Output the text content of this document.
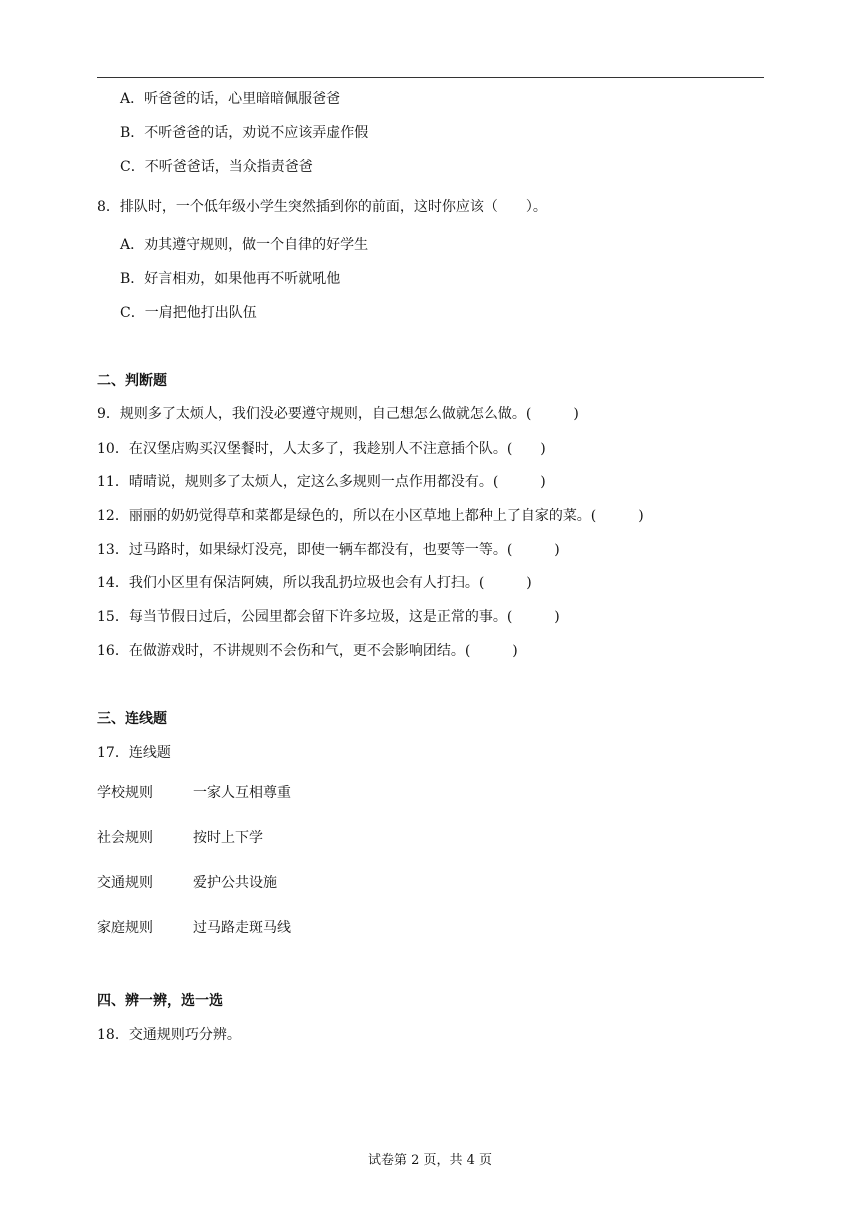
A．听爸爸的话，心里暗暗佩服爸爸
B．不听爸爸的话，劝说不应该弄虚作假
C．不听爸爸话，当众指责爸爸
8．排队时，一个低年级小学生突然插到你的前面，这时你应该（　　）。
A．劝其遵守规则，做一个自律的好学生
B．好言相劝，如果他再不听就吼他
C．一肩把他打出队伍
二、判断题
9．规则多了太烦人，我们没必要遵守规则，自己想怎么做就怎么做。(　　　)
10．在汉堡店购买汉堡餐时，人太多了，我趁别人不注意插个队。(　　)
11．晴晴说，规则多了太烦人，定这么多规则一点作用都没有。(　　　)
12．丽丽的奶奶觉得草和菜都是绿色的，所以在小区草地上都种上了自家的菜。(　　　)
13．过马路时，如果绿灯没亮，即使一辆车都没有，也要等一等。(　　　)
14．我们小区里有保洁阿姨，所以我乱扔垃圾也会有人打扫。(　　　)
15．每当节假日过后，公园里都会留下许多垃圾，这是正常的事。(　　　)
16．在做游戏时，不讲规则不会伤和气，更不会影响团结。(　　　)
三、连线题
17．连线题
学校规则	一家人互相尊重
社会规则	按时上下学
交通规则	爱护公共设施
家庭规则	过马路走斑马线
四、辨一辨，选一选
18．交通规则巧分辨。
试卷第 2 页，共 4 页
